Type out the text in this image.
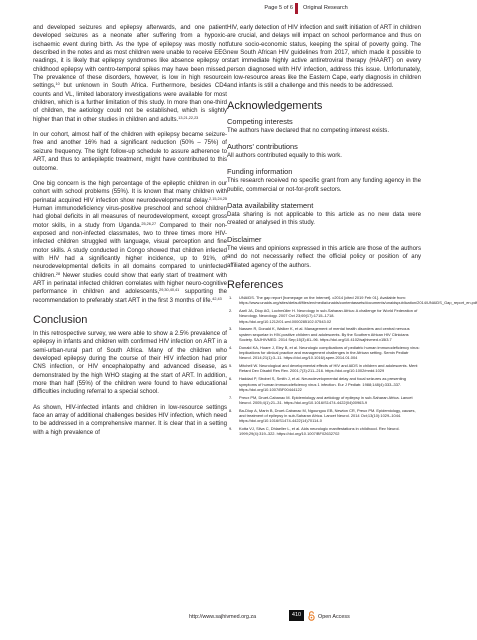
Page 5 of 6 Original Research

and developed seizures and epilepsy afterwards, and one patient developed seizures as a neonate after suffering from a hypoxic-ischaemic event during birth. As the type of epilepsy was mostly not described in the notes and as most children were unable to receive EEG readings, it is likely that epilepsy syndromes like absence epilepsy or childhood epilepsy with centro-temporal spikes may have been missed. The prevalence of these disorders, however, is low in high resource settings,$^{10}$ but unknown in South Africa. Furthermore, besides CD4 counts and VL, limited laboratory investigations were available for most children, which is a further limitation of this study. In more than one-third of children, the aetiology could not be established, which is slightly higher than that in other studies in children and adults.$^{13,21,22,23}$

In our cohort, almost half of the children with epilepsy became seizure-free and another 16% had a significant reduction (50% – 75%) of seizure frequency. The tight follow-up schedule to assure adherence to ART, and thus to antiepileptic treatment, might have contributed to this outcome.

One big concern is the high percentage of the epileptic children in our cohort with school problems (55%). It is known that many children with perinatal acquired HIV infection show neurodevelopmental delay.$^{2,15,24,25}$ Human immunodeficiency virus-positive preschool and school children had global deficits in all measures of neurodevelopment, except gross motor skills, in a study from Uganda.$^{25,26,27}$ Compared to their non-exposed and non-infected classmates, two to three times more HIV-infected children struggled with language, visual perception and fine motor skills. A study conducted in Congo showed that children infected with HIV had a significantly higher incidence, up to 91%, of neurodevelopmental deficits in all domains compared to uninfected children.$^{28}$ Newer studies could show that early start of treatment with ART in perinatal infected children correlates with higher neuro-cognitive performance in children and adolescents,$^{29,30,40,41}$ supporting the recommendation to preferably start ART in the first 3 months of life.$^{42,43}$

Conclusion

In this retrospective survey, we were able to show a 2.5% prevalence of epilepsy in infants and children with confirmed HIV infection on ART in a semi-urban-rural part of South Africa. Many of the children who developed epilepsy during the course of their HIV infection had prior CNS infection, or HIV encephalopathy and advanced disease, as demonstrated by the high WHO staging at the start of ART. In addition, more than half (55%) of the children were found to have educational difficulties including referral to a special school.

As shown, HIV-infected infants and children in low-resource settings face an array of additional challenges besides HIV infection, which need to be addressed in a comprehensive manner. It is clear that in a setting with a high prevalence of

HIV, early detection of HIV infection and swift initiation of ART in children are crucial, and delays will impact on school performance and thus on future socio-economic status, keeping the spiral of poverty going. The new South African HIV guidelines from 2017, which made it possible to start immediate highly active antiretroviral therapy (HAART) on every person diagnosed with HIV infection, address this issue. Unfortunately, in low-resource areas like the Eastern Cape, early diagnosis in children and infants is still a challenge and this needs to be addressed.

Acknowledgements
Competing interests

The authors have declared that no competing interest exists.

Authors' contributions

All authors contributed equally to this work.

Funding information

This research received no specific grant from any funding agency in the public, commercial or not-for-profit sectors.

Data availability statement

Data sharing is not applicable to this article as no new data were created or analysed in this study.

Disclaimer

The views and opinions expressed in this article are those of the authors and do not necessarily reflect the official policy or position of any affiliated agency of the authors.

References
1. UNAIDS. The gap report [homepage on the Internet]. c2014 [cited 2019 Feb 01]. Available from: https://www.unaids.org/sites/default/files/en/media/unaids/contentassets/documents/unaidspublication/2014/UNAIDS_Gap_report_en.pdf
2. Aarli JA, Diop AG, Lochmüller H. Neurology in sub-Saharan Africa: A challenge for World Federation of Neurology. Neurology. 2007 Oct 23;69(17):1715–1718. https://doi.org/10.1212/01.wnl.0000285102.07543.02
3. Nassen R, Donald K, Walker K, et al. Management of mental health disorders and central nervous system sequelae in HIV-positive children and adolescents. By the Southern African HIV Clinicians Society. SAJHIVMED. 2014 Sep;15(3):81–96. https://doi.org/10.4102/sajhivmed.v15i3.7
4. Donald KA, Hoare J, Eley B, et al. Neurologic complications of pediatric human immunodeficiency virus: Implications for clinical practice and management challenges in the African setting. Semin Pediatr Neurol. 2014;21(1):3–11. https://doi.org/10.1016/j.spen.2014.01.004
5. Mitchell W. Neurological and developmental effects of HIV and AIDS in children and adolescents. Ment Retard Dev Disabil Res Rev. 2001;7(3):211–216. https://doi.org/10.1002/mrdd.1029
6. Haddad P, Strobel S, Smith J, et al. Neurodevelopmental delay and focal seizures as presenting symptoms of human immunodeficiency virus 1 infection. Eur J Pediatr. 1988;148(4):333–337. https://doi.org/10.1007/BF00444122
7. Preux PM, Druet-Cabanac M. Epidemiology and aetiology of epilepsy in sub-Saharan Africa. Lancet Neurol. 2005;4(1):21–31. https://doi.org/10.1016/S1474-4422(04)00963-9
8. Ba-Diop A, Marin B, Druet-Cabanac M, Ngoungou EB, Newton CR, Preux PM. Epidemiology, causes, and treatment of epilepsy in sub-Saharan Africa. Lancet Neurol. 2014 Oct;13(10):1029–1044. https://doi.org/10.1016/S1474-4422(14)70114-0
9. Kotta VJ, Silva C, Dhlaeller L, et al. Aids neurologic manifestations in childhood. Rev Neurol. 1999;29(4):319–322. https://doi.org/10.1007/BF02632702
http://www.sajhivmed.org.za	410	Open Access
